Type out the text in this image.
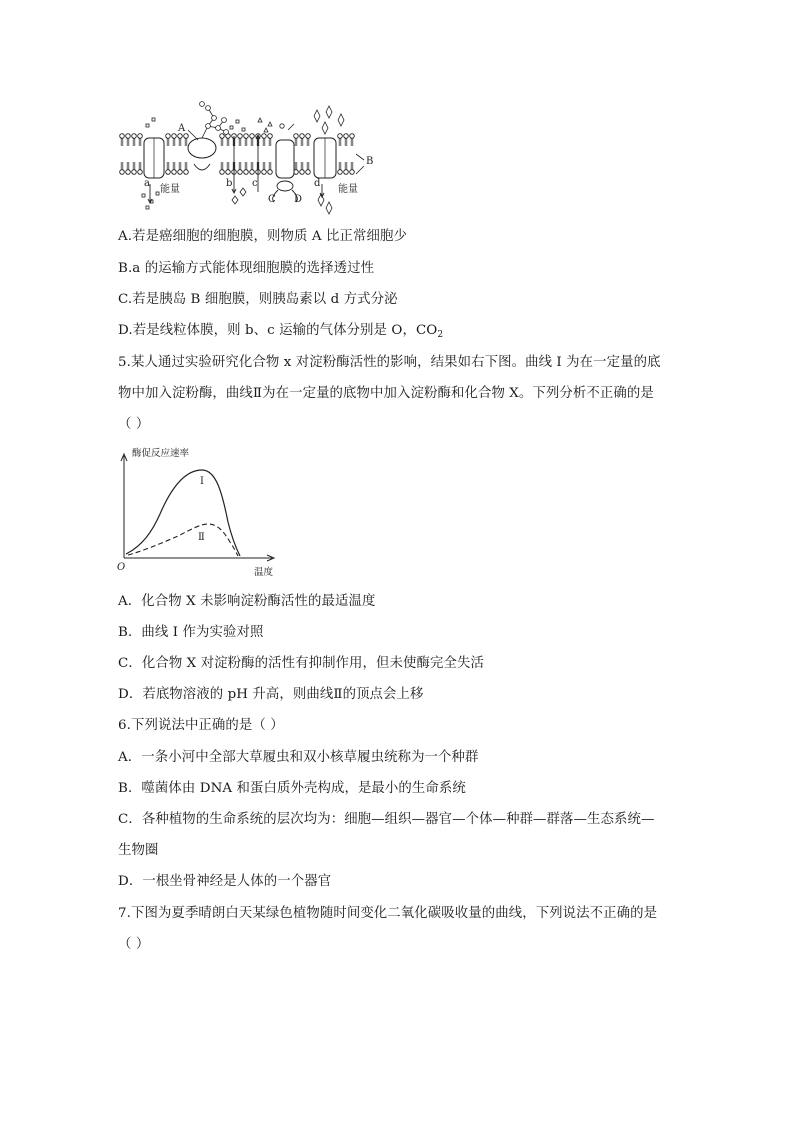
A
B
a	b c	d
C D
能量	能量
A.若是癌细胞的细胞膜，则物质 A 比正常细胞少
B.a 的运输方式能体现细胞膜的选择透过性
C.若是胰岛 B 细胞膜，则胰岛素以 d 方式分泌
D.若是线粒体膜，则 b、c 运输的气体分别是 O，$CO_2$
5.某人通过实验研究化合物 x 对淀粉酶活性的影响，结果如右下图。曲线 I 为在一定量的底
物中加入淀粉酶，曲线Ⅱ为在一定量的底物中加入淀粉酶和化合物 X。下列分析不正确的是
（ ）
酶促反应速率
温度
O
I
Ⅱ
A．化合物 X 未影响淀粉酶活性的最适温度
B．曲线 I 作为实验对照
C．化合物 X 对淀粉酶的活性有抑制作用，但未使酶完全失活
D．若底物溶液的 pH 升高，则曲线Ⅱ的顶点会上移
6.下列说法中正确的是（ ）
A．一条小河中全部大草履虫和双小核草履虫统称为一个种群
B．噬菌体由 DNA 和蛋白质外壳构成，是最小的生命系统
C．各种植物的生命系统的层次均为：细胞—组织—器官—个体—种群—群落—生态系统—
生物圈
D．一根坐骨神经是人体的一个器官
7.下图为夏季晴朗白天某绿色植物随时间变化二氧化碳吸收量的曲线，下列说法不正确的是
（ ）
